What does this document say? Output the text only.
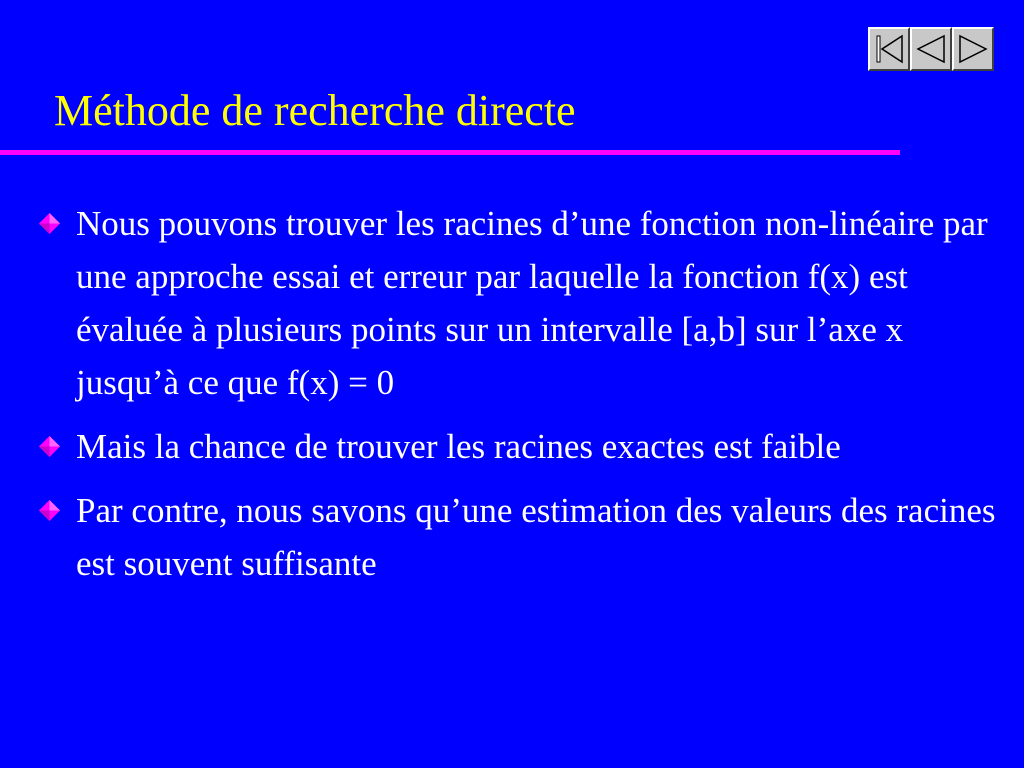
Méthode de recherche directe
Nous pouvons trouver les racines d’une fonction non-linéaire par une approche essai et erreur par laquelle la fonction f(x) est évaluée à plusieurs points sur un intervalle [a,b] sur l’axe x jusqu’à ce que f(x) = 0
Mais la chance de trouver les racines exactes est faible
Par contre, nous savons qu’une estimation des valeurs des racines est souvent suffisante
